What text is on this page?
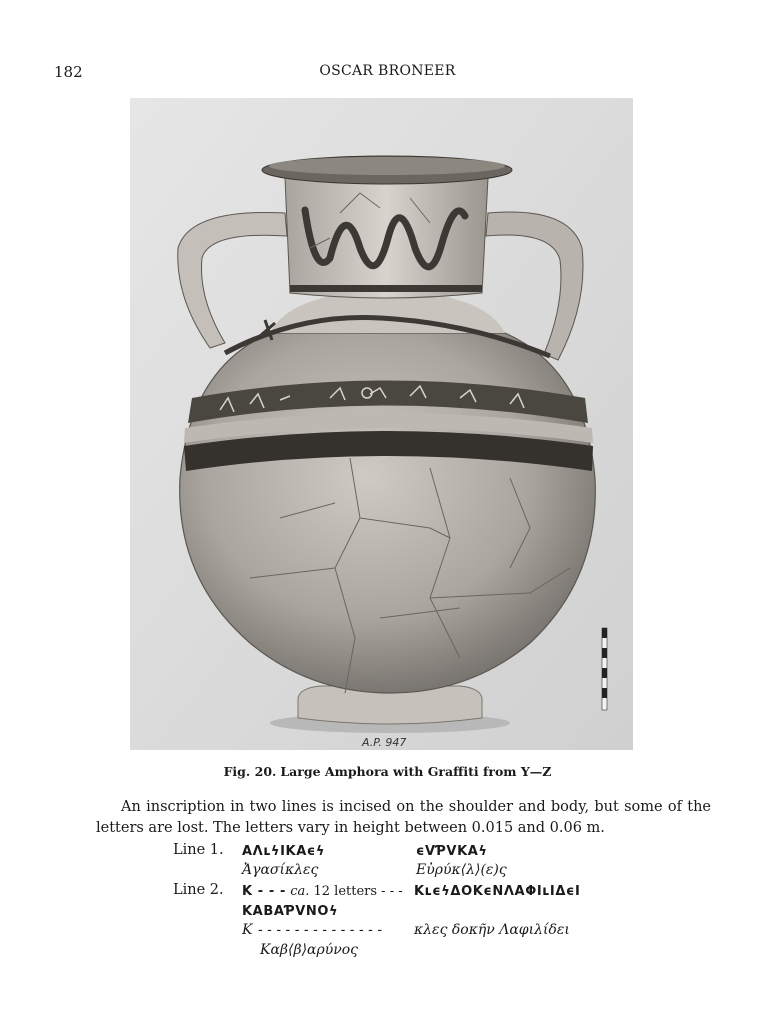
182	OSCAR BRONEER
A.P. 947
Fig. 20. Large Amphora with Graffiti from Y—Z

An inscription in two lines is incised on the shoulder and body, but some of the letters are lost. The letters vary in height between 0.015 and 0.06 m.

Line 1. ΑΛʟϟΙΚΑϵϟ	ϵVƤVΚΑϟ
Ἀγασίκλες	Εὐρύκ⟨λ⟩(ε)ς
Line 2. K - - - ca. 12 letters - - - ΚʟϵϟΔΟΚϵΝΛΑΦΙʟΙΔϵΙ
ΚΑΒΑƤVΝΟϟ
K - - - - - - - - - - - - - - κλες δοκῆν Λαφιλίδει
Καβ⟨β⟩αρύνος
